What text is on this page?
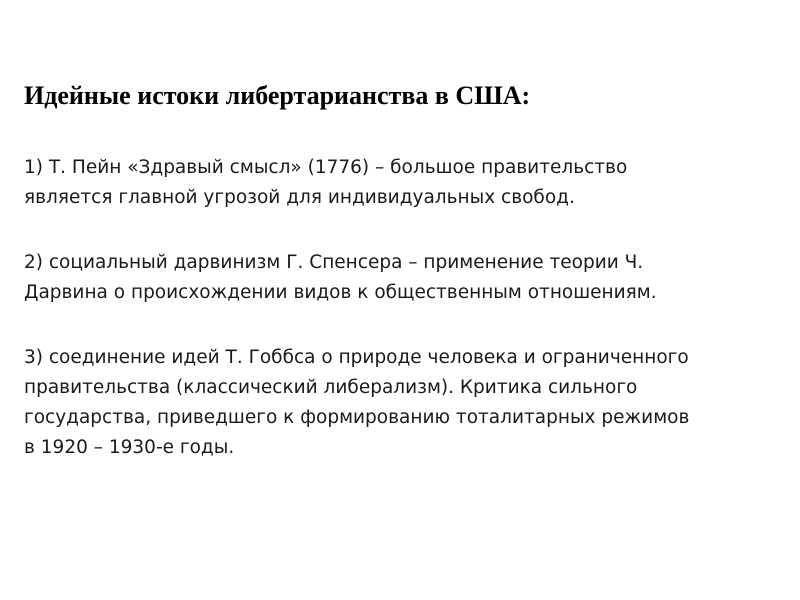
Идейные истоки либертарианства в США:

1) Т. Пейн «Здравый смысл» (1776) – большое правительство
является главной угрозой для индивидуальных свобод.

2) социальный дарвинизм Г. Спенсера – применение теории Ч.
Дарвина о происхождении видов к общественным отношениям.

3) соединение идей Т. Гоббса о природе человека и ограниченного
правительства (классический либерализм). Критика сильного
государства, приведшего к формированию тоталитарных режимов
в 1920 – 1930-е годы.
